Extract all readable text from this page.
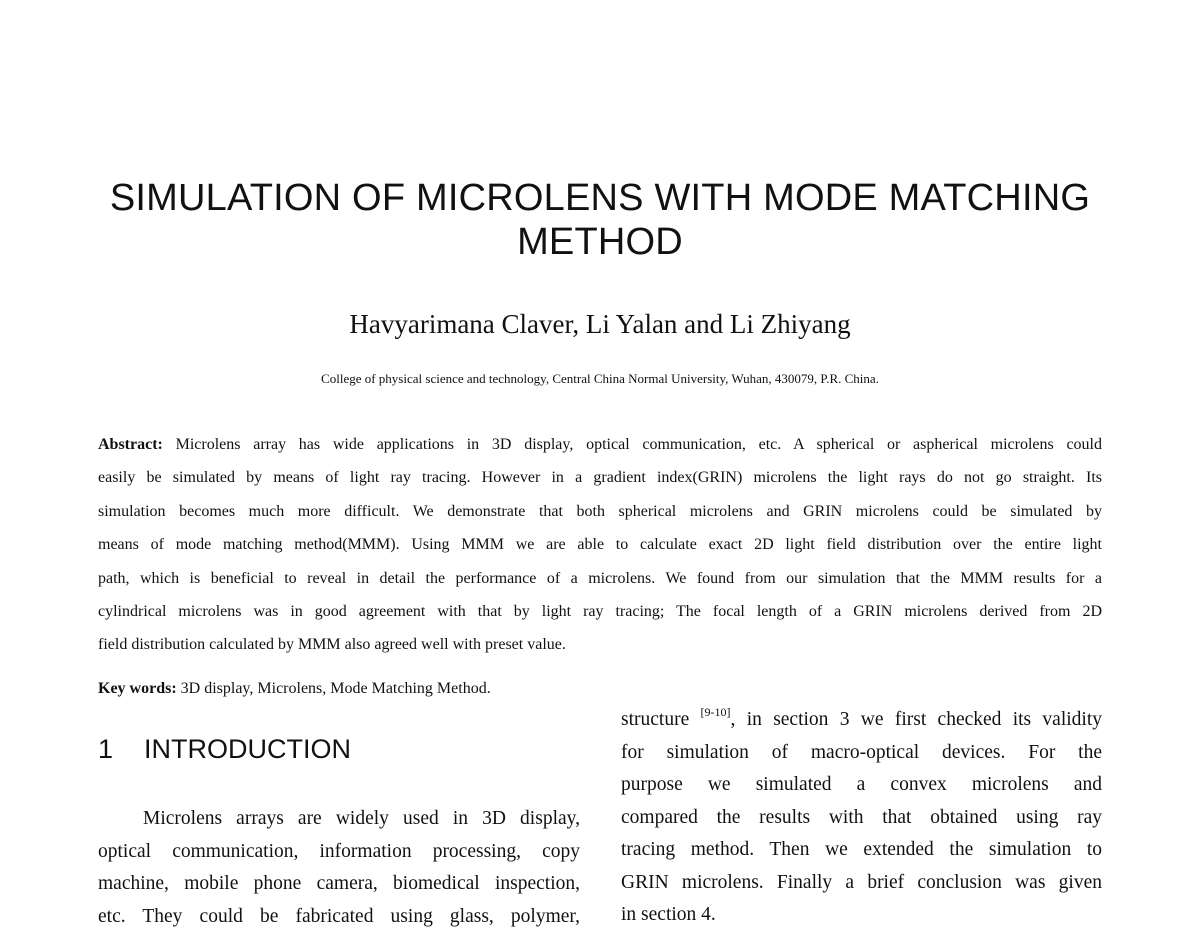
SIMULATION OF MICROLENS WITH MODE MATCHING
METHOD
Havyarimana Claver, Li Yalan and Li Zhiyang
College of physical science and technology, Central China Normal University, Wuhan, 430079, P.R. China.
Abstract: Microlens array has wide applications in 3D display, optical communication, etc. A spherical or aspherical microlens could
easily be simulated by means of light ray tracing. However in a gradient index(GRIN) microlens the light rays do not go straight. Its
simulation becomes much more difficult. We demonstrate that both spherical microlens and GRIN microlens could be simulated by
means of mode matching method(MMM). Using MMM we are able to calculate exact 2D light field distribution over the entire light
path, which is beneficial to reveal in detail the performance of a microlens. We found from our simulation that the MMM results for a
cylindrical microlens was in good agreement with that by light ray tracing; The focal length of a GRIN microlens derived from 2D
field distribution calculated by MMM also agreed well with preset value.
Key words: 3D display, Microlens, Mode Matching Method.
1 INTRODUCTION
Microlens arrays are widely used in 3D display,
optical communication, information processing, copy
machine, mobile phone camera, biomedical inspection,
etc. They could be fabricated using glass, polymer,
structure [9-10], in section 3 we first checked its validity
for simulation of macro-optical devices. For the
purpose we simulated a convex microlens and
compared the results with that obtained using ray
tracing method. Then we extended the simulation to
GRIN microlens. Finally a brief conclusion was given
in section 4.
